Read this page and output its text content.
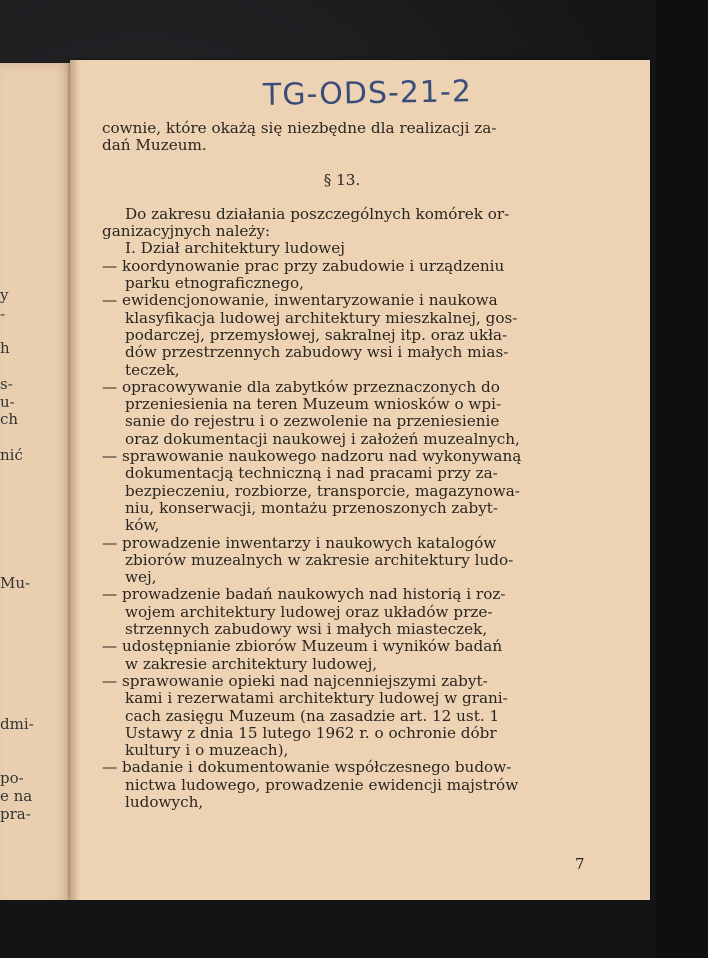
y
-
h
s-
u-
ch
nić
Mu-
dmi-
po-
e na
pra-
TG-ODS-21-2
cownie, które okażą się niezbędne dla realizacji za-
dań Muzeum.
§ 13.
Do zakresu działania poszczególnych komórek or-
ganizacyjnych należy:
I. Dział architektury ludowej
— koordynowanie prac przy zabudowie i urządzeniu
parku etnograficznego,
— ewidencjonowanie, inwentaryzowanie i naukowa
klasyfikacja ludowej architektury mieszkalnej, gos-
podarczej, przemysłowej, sakralnej itp. oraz ukła-
dów przestrzennych zabudowy wsi i małych mias-
teczek,
— opracowywanie dla zabytków przeznaczonych do
przeniesienia na teren Muzeum wniosków o wpi-
sanie do rejestru i o zezwolenie na przeniesienie
oraz dokumentacji naukowej i założeń muzealnych,
— sprawowanie naukowego nadzoru nad wykonywaną
dokumentacją techniczną i nad pracami przy za-
bezpieczeniu, rozbiorze, transporcie, magazynowa-
niu, konserwacji, montażu przenoszonych zabyt-
ków,
— prowadzenie inwentarzy i naukowych katalogów
zbiorów muzealnych w zakresie architektury ludo-
wej,
— prowadzenie badań naukowych nad historią i roz-
wojem architektury ludowej oraz układów prze-
strzennych zabudowy wsi i małych miasteczek,
— udostępnianie zbiorów Muzeum i wyników badań
w zakresie architektury ludowej,
— sprawowanie opieki nad najcenniejszymi zabyt-
kami i rezerwatami architektury ludowej w grani-
cach zasięgu Muzeum (na zasadzie art. 12 ust. 1
Ustawy z dnia 15 lutego 1962 r. o ochronie dóbr
kultury i o muzeach),
— badanie i dokumentowanie współczesnego budow-
nictwa ludowego, prowadzenie ewidencji majstrów
ludowych,
7
